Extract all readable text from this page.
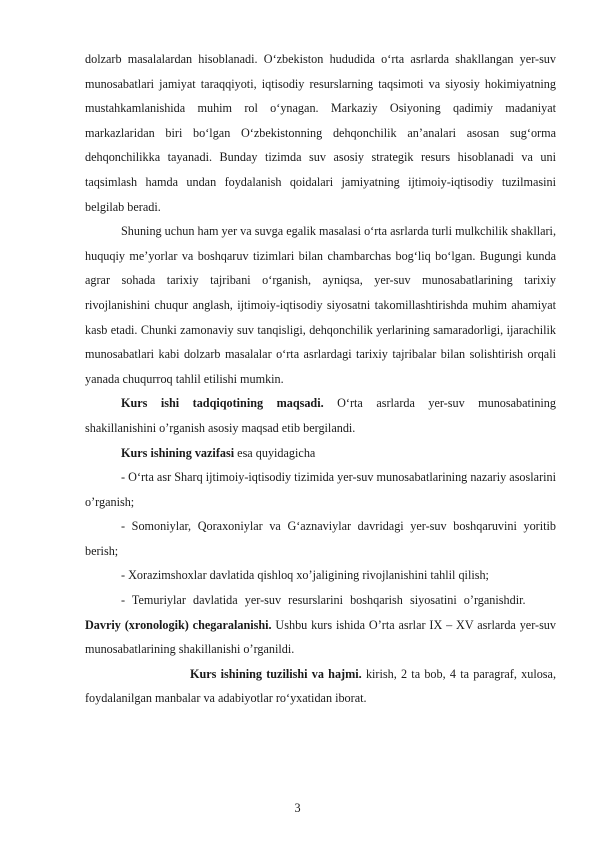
dolzarb masalalardan hisoblanadi. O‘zbekiston hududida o‘rta asrlarda shakllangan yer-suv munosabatlari jamiyat taraqqiyoti, iqtisodiy resurslarning taqsimoti va siyosiy hokimiyatning mustahkamlanishida muhim rol o‘ynagan. Markaziy Osiyoning qadimiy madaniyat markazlaridan biri bo‘lgan O‘zbekistonning dehqonchilik an’analari asosan sug‘orma dehqonchilikka tayanadi. Bunday tizimda suv asosiy strategik resurs hisoblanadi va uni taqsimlash hamda undan foydalanish qoidalari jamiyatning ijtimoiy-iqtisodiy tuzilmasini belgilab beradi.

Shuning uchun ham yer va suvga egalik masalasi o‘rta asrlarda turli mulkchilik shakllari, huquqiy me’yorlar va boshqaruv tizimlari bilan chambarchas bog‘liq bo‘lgan. Bugungi kunda agrar sohada tarixiy tajribani o‘rganish, ayniqsa, yer-suv munosabatlarining tarixiy rivojlanishini chuqur anglash, ijtimoiy-iqtisodiy siyosatni takomillashtirishda muhim ahamiyat kasb etadi. Chunki zamonaviy suv tanqisligi, dehqonchilik yerlarining samaradorligi, ijarachilik munosabatlari kabi dolzarb masalalar o‘rta asrlardagi tarixiy tajribalar bilan solishtirish orqali yanada chuqurroq tahlil etilishi mumkin.

Kurs ishi tadqiqotining maqsadi. O‘rta asrlarda yer-suv munosabatining shakillanishini o’rganish asosiy maqsad etib bergilandi.

Kurs ishining vazifasi esa quyidagicha

- O‘rta asr Sharq ijtimoiy-iqtisodiy tizimida yer-suv munosabatlarining nazariy asoslarini o’rganish;

- Somoniylar, Qoraxoniylar va G‘aznaviylar davridagi yer-suv boshqaruvini yoritib berish;

- Xorazimshoxlar davlatida qishloq xo’jaligining rivojlanishini tahlil qilish;

- Temuriylar davlatida yer-suv resurslarini boshqarish siyosatini o’rganishdir.   Davriy (xronologik) chegaralanishi. Ushbu kurs ishida O’rta asrlar IX – XV asrlarda yer-suv munosabatlarining shakillanishi o’rganildi.

Kurs ishining tuzilishi va hajmi. kirish, 2 ta bob, 4 ta paragraf, xulosa, foydalanilgan manbalar va adabiyotlar ro‘yxatidan iborat.

3
